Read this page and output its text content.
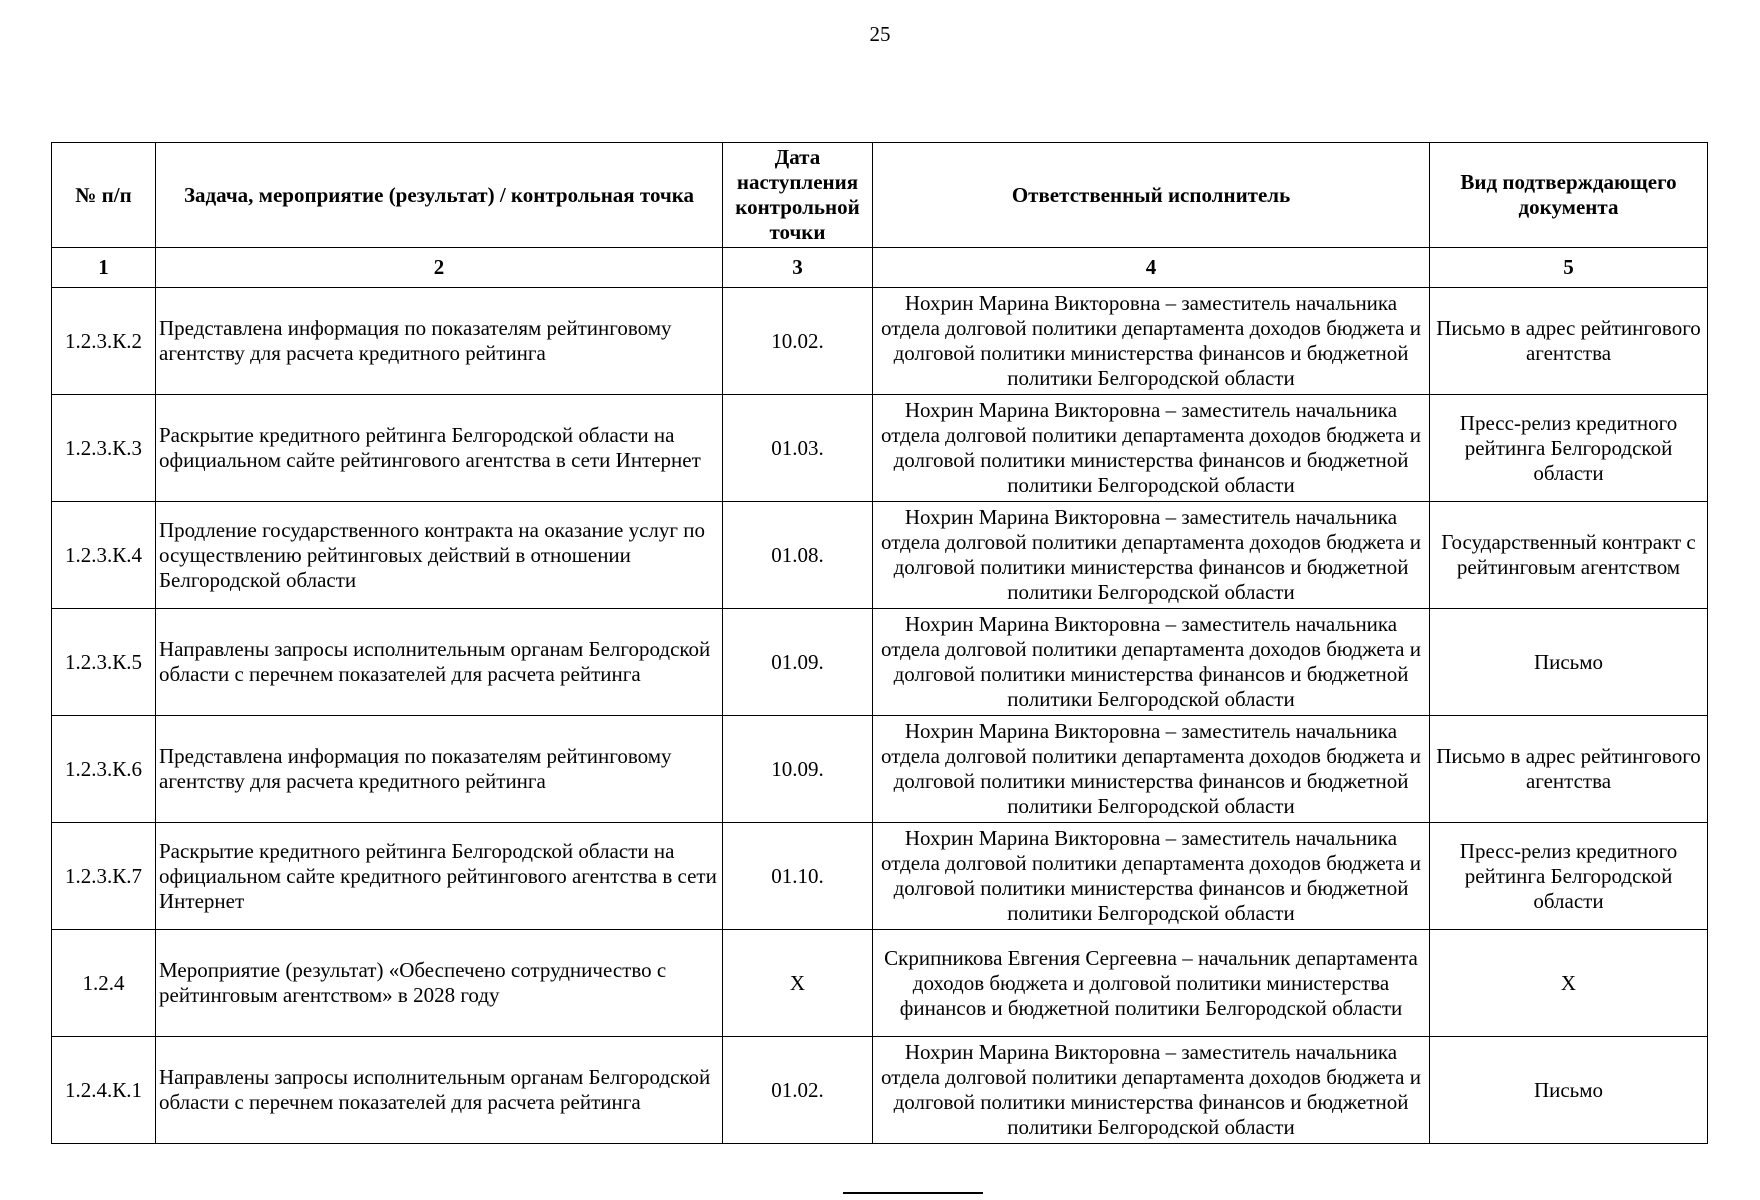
25
№ п/п	Задача, мероприятие (результат) / контрольная точка	Дата наступления контрольной точки	Ответственный исполнитель	Вид подтверждающего документа
1	2	3	4	5
1.2.3.К.2	Представлена информация по показателям рейтинговому агентству для расчета кредитного рейтинга	10.02.	Нохрин Марина Викторовна – заместитель начальника отдела долговой политики департамента доходов бюджета и долговой политики министерства финансов и бюджетной политики Белгородской области	Письмо в адрес рейтингового агентства
1.2.3.К.3	Раскрытие кредитного рейтинга Белгородской области на официальном сайте рейтингового агентства в сети Интернет	01.03.	Нохрин Марина Викторовна – заместитель начальника отдела долговой политики департамента доходов бюджета и долговой политики министерства финансов и бюджетной политики Белгородской области	Пресс-релиз кредитного рейтинга Белгородской области
1.2.3.К.4	Продление государственного контракта на оказание услуг по осуществлению рейтинговых действий в отношении Белгородской области	01.08.	Нохрин Марина Викторовна – заместитель начальника отдела долговой политики департамента доходов бюджета и долговой политики министерства финансов и бюджетной политики Белгородской области	Государственный контракт с рейтинговым агентством
1.2.3.К.5	Направлены запросы исполнительным органам Белгородской области с перечнем показателей для расчета рейтинга	01.09.	Нохрин Марина Викторовна – заместитель начальника отдела долговой политики департамента доходов бюджета и долговой политики министерства финансов и бюджетной политики Белгородской области	Письмо
1.2.3.К.6	Представлена информация по показателям рейтинговому агентству для расчета кредитного рейтинга	10.09.	Нохрин Марина Викторовна – заместитель начальника отдела долговой политики департамента доходов бюджета и долговой политики министерства финансов и бюджетной политики Белгородской области	Письмо в адрес рейтингового агентства
1.2.3.К.7	Раскрытие кредитного рейтинга Белгородской области на официальном сайте кредитного рейтингового агентства в сети Интернет	01.10.	Нохрин Марина Викторовна – заместитель начальника отдела долговой политики департамента доходов бюджета и долговой политики министерства финансов и бюджетной политики Белгородской области	Пресс-релиз кредитного рейтинга Белгородской области
1.2.4	Мероприятие (результат) «Обеспечено сотрудничество с рейтинговым агентством» в 2028 году	X	Скрипникова Евгения Сергеевна – начальник департамента доходов бюджета и долговой политики министерства финансов и бюджетной политики Белгородской области	X
1.2.4.К.1	Направлены запросы исполнительным органам Белгородской области с перечнем показателей для расчета рейтинга	01.02.	Нохрин Марина Викторовна – заместитель начальника отдела долговой политики департамента доходов бюджета и долговой политики министерства финансов и бюджетной политики Белгородской области	Письмо
